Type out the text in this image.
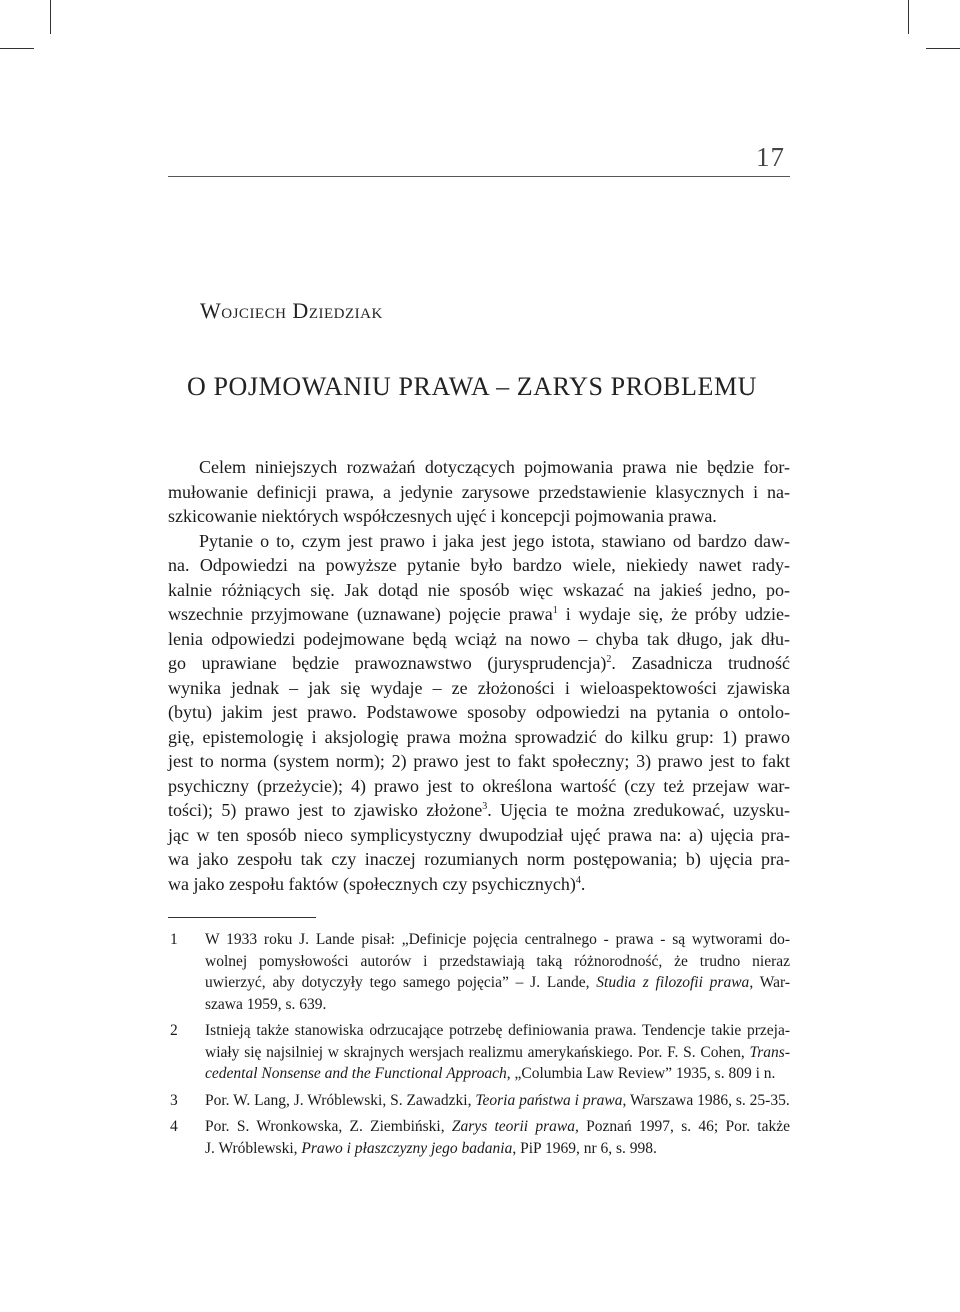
17
Wojciech Dziedziak
O POJMOWANIU PRAWA – ZARYS PROBLEMU
Celem niniejszych rozważań dotyczących pojmowania prawa nie będzie for-
mułowanie definicji prawa, a jedynie zarysowe przedstawienie klasycznych i na-
szkicowanie niektórych współczesnych ujęć i koncepcji pojmowania prawa.
Pytanie o to, czym jest prawo i jaka jest jego istota, stawiano od bardzo daw-
na. Odpowiedzi na powyższe pytanie było bardzo wiele, niekiedy nawet rady-
kalnie różniących się. Jak dotąd nie sposób więc wskazać na jakieś jedno, po-
wszechnie przyjmowane (uznawane) pojęcie prawa$^1$ i wydaje się, że próby udzie-
lenia odpowiedzi podejmowane będą wciąż na nowo – chyba tak długo, jak dłu-
go uprawiane będzie prawoznawstwo (jurysprudencja)$^2$. Zasadnicza trudność
wynika jednak – jak się wydaje – ze złożoności i wieloaspektowości zjawiska
(bytu) jakim jest prawo. Podstawowe sposoby odpowiedzi na pytania o ontolo-
gię, epistemologię i aksjologię prawa można sprowadzić do kilku grup: 1) prawo
jest to norma (system norm); 2) prawo jest to fakt społeczny; 3) prawo jest to fakt
psychiczny (przeżycie); 4) prawo jest to określona wartość (czy też przejaw war-
tości); 5) prawo jest to zjawisko złożone$^3$. Ujęcia te można zredukować, uzysku-
jąc w ten sposób nieco symplicystyczny dwupodział ujęć prawa na: a) ujęcia pra-
wa jako zespołu tak czy inaczej rozumianych norm postępowania; b) ujęcia pra-
wa jako zespołu faktów (społecznych czy psychicznych)$^4$.
1 W 1933 roku J. Lande pisał: „Definicje pojęcia centralnego - prawa - są wytworami do-
wolnej pomysłowości autorów i przedstawiają taką różnorodność, że trudno nieraz
uwierzyć, aby dotyczyły tego samego pojęcia” – J. Lande, Studia z filozofii prawa, War-
szawa 1959, s. 639.
2 Istnieją także stanowiska odrzucające potrzebę definiowania prawa. Tendencje takie przeja-
wiały się najsilniej w skrajnych wersjach realizmu amerykańskiego. Por. F. S. Cohen, Trans-
cedental Nonsense and the Functional Approach, „Columbia Law Review” 1935, s. 809 i n.
3 Por. W. Lang, J. Wróblewski, S. Zawadzki, Teoria państwa i prawa, Warszawa 1986, s. 25-35.
4 Por. S. Wronkowska, Z. Ziembiński, Zarys teorii prawa, Poznań 1997, s. 46; Por. także
J. Wróblewski, Prawo i płaszczyzny jego badania, PiP 1969, nr 6, s. 998.
